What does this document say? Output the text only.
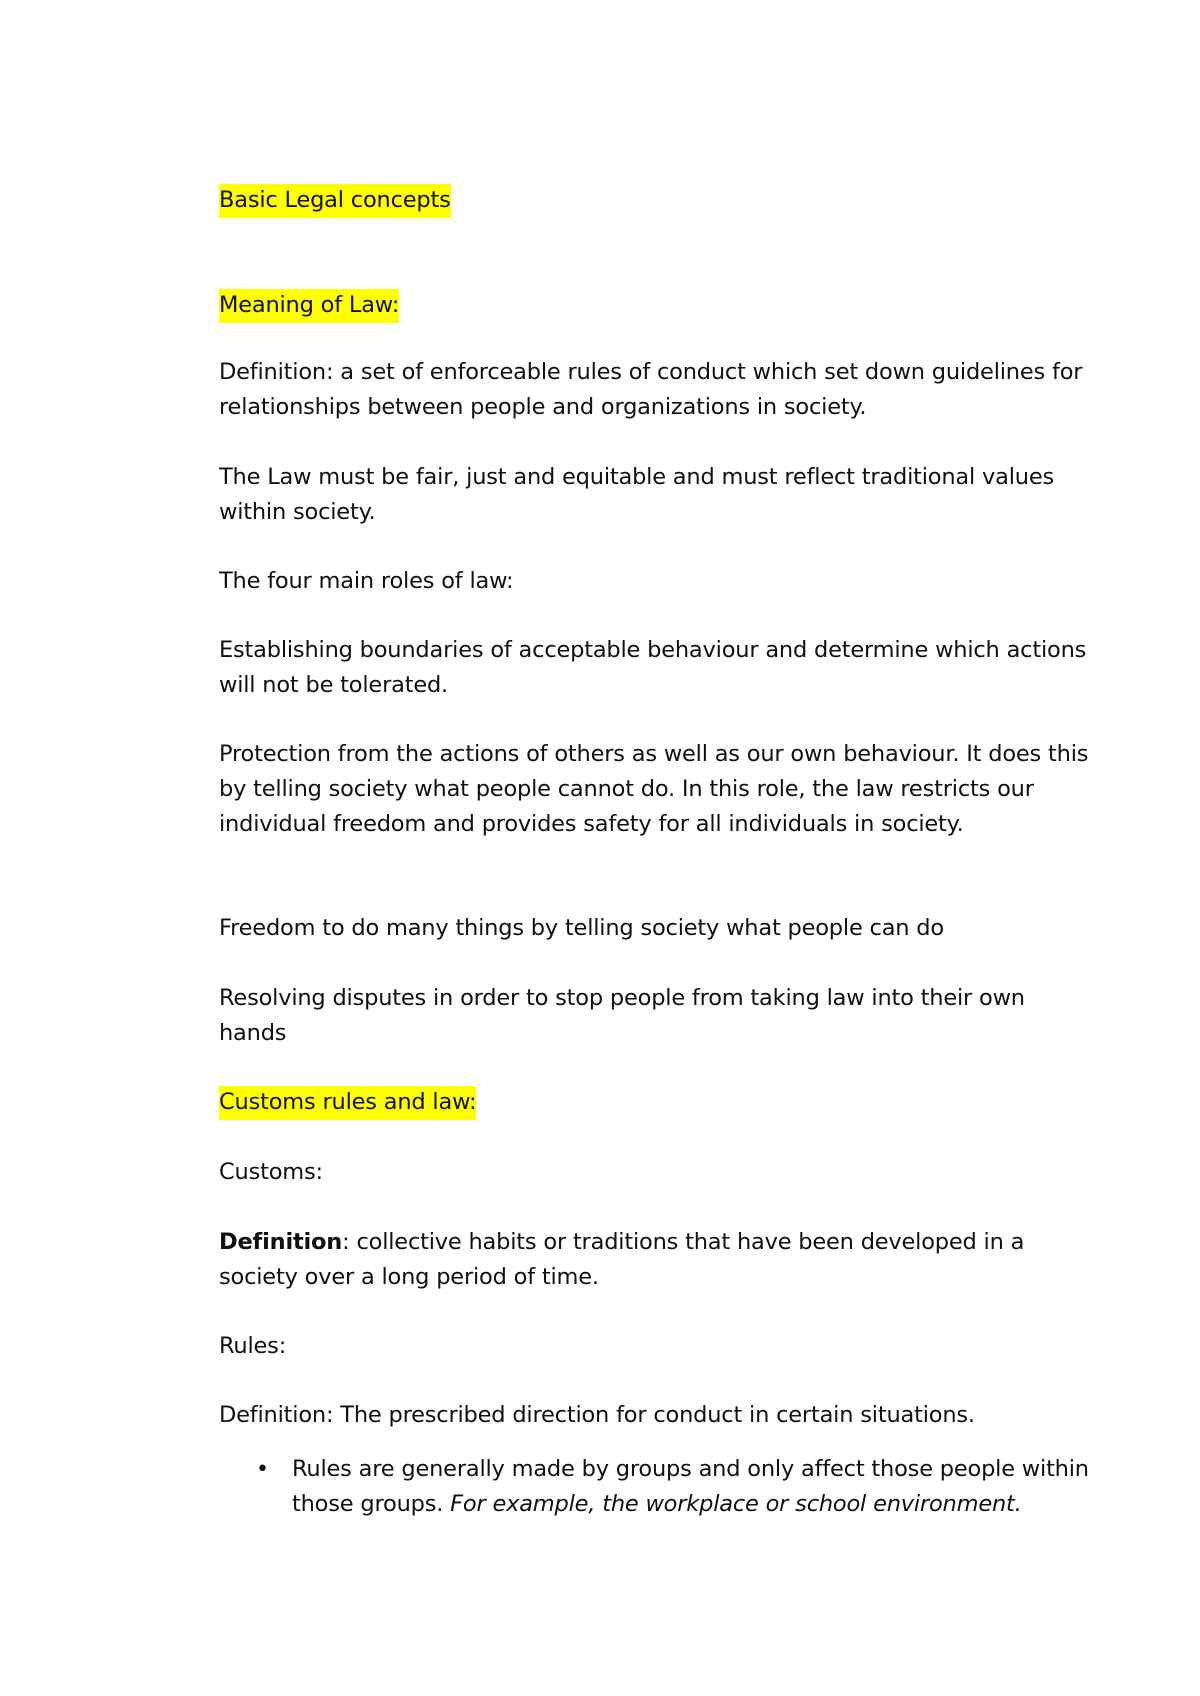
Basic Legal concepts

Meaning of Law:

Definition: a set of enforceable rules of conduct which set down guidelines for relationships between people and organizations in society.

The Law must be fair, just and equitable and must reflect traditional values within society.

The four main roles of law:

Establishing boundaries of acceptable behaviour and determine which actions will not be tolerated.

Protection from the actions of others as well as our own behaviour. It does this by telling society what people cannot do. In this role, the law restricts our individual freedom and provides safety for all individuals in society.

Freedom to do many things by telling society what people can do

Resolving disputes in order to stop people from taking law into their own hands

Customs rules and law:

Customs:

Definition: collective habits or traditions that have been developed in a society over a long period of time.

Rules:

Definition: The prescribed direction for conduct in certain situations.

• Rules are generally made by groups and only affect those people within those groups. For example, the workplace or school environment.
